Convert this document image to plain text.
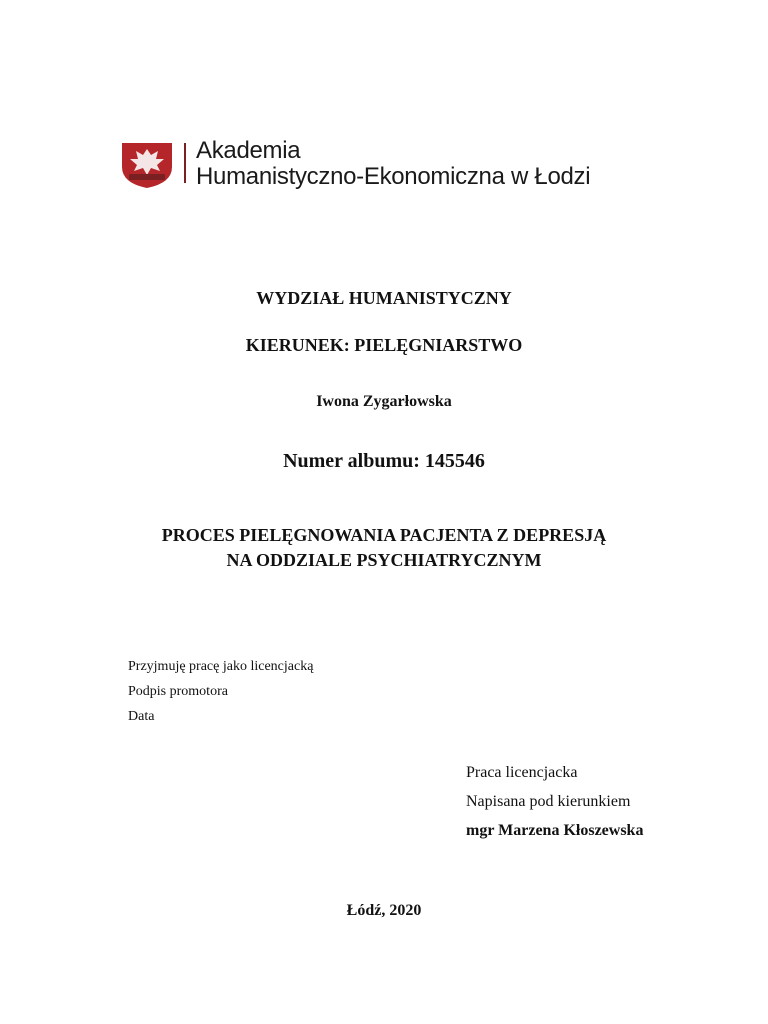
Akademia
Humanistyczno-Ekonomiczna w Łodzi
WYDZIAŁ HUMANISTYCZNY
KIERUNEK: PIELĘGNIARSTWO
Iwona Zygarłowska
Numer albumu: 145546
PROCES PIELĘGNOWANIA PACJENTA Z DEPRESJĄ
NA ODDZIALE PSYCHIATRYCZNYM
Przyjmuję pracę jako licencjacką
Podpis promotora
Data
Praca licencjacka
Napisana pod kierunkiem
mgr Marzena Kłoszewska
Łódź, 2020
